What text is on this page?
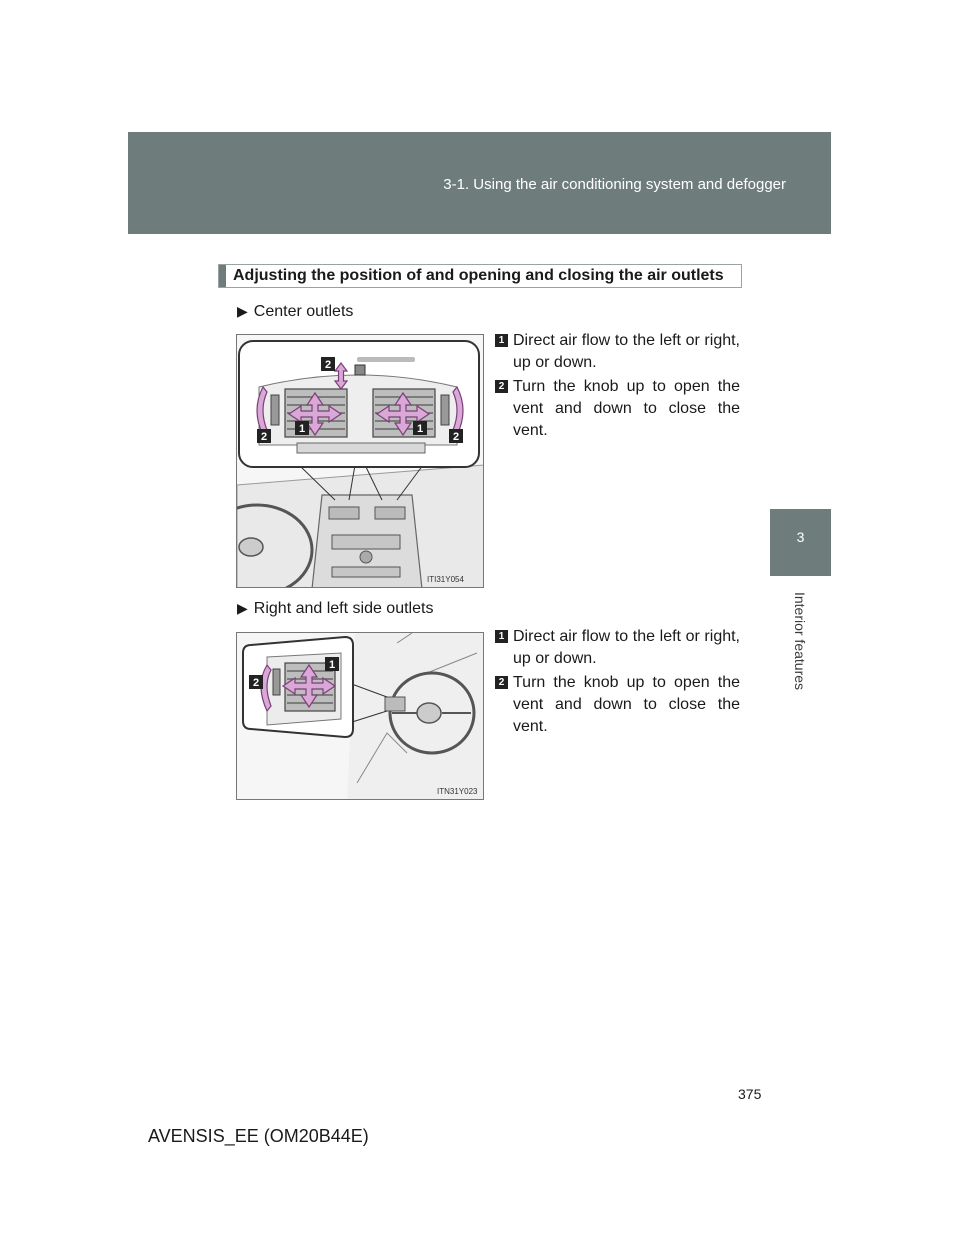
3-1. Using the air conditioning system and defogger
3
Interior features
Adjusting the position of and opening and closing the air outlets
▶ Center outlets
2
1	1
2	2
ITI31Y054
1 Direct air flow to the left or right, up or down.
2 Turn the knob up to open the vent and down to close the vent.
▶ Right and left side outlets
1
2
ITN31Y023
1 Direct air flow to the left or right, up or down.
2 Turn the knob up to open the vent and down to close the vent.
375
AVENSIS_EE (OM20B44E)
